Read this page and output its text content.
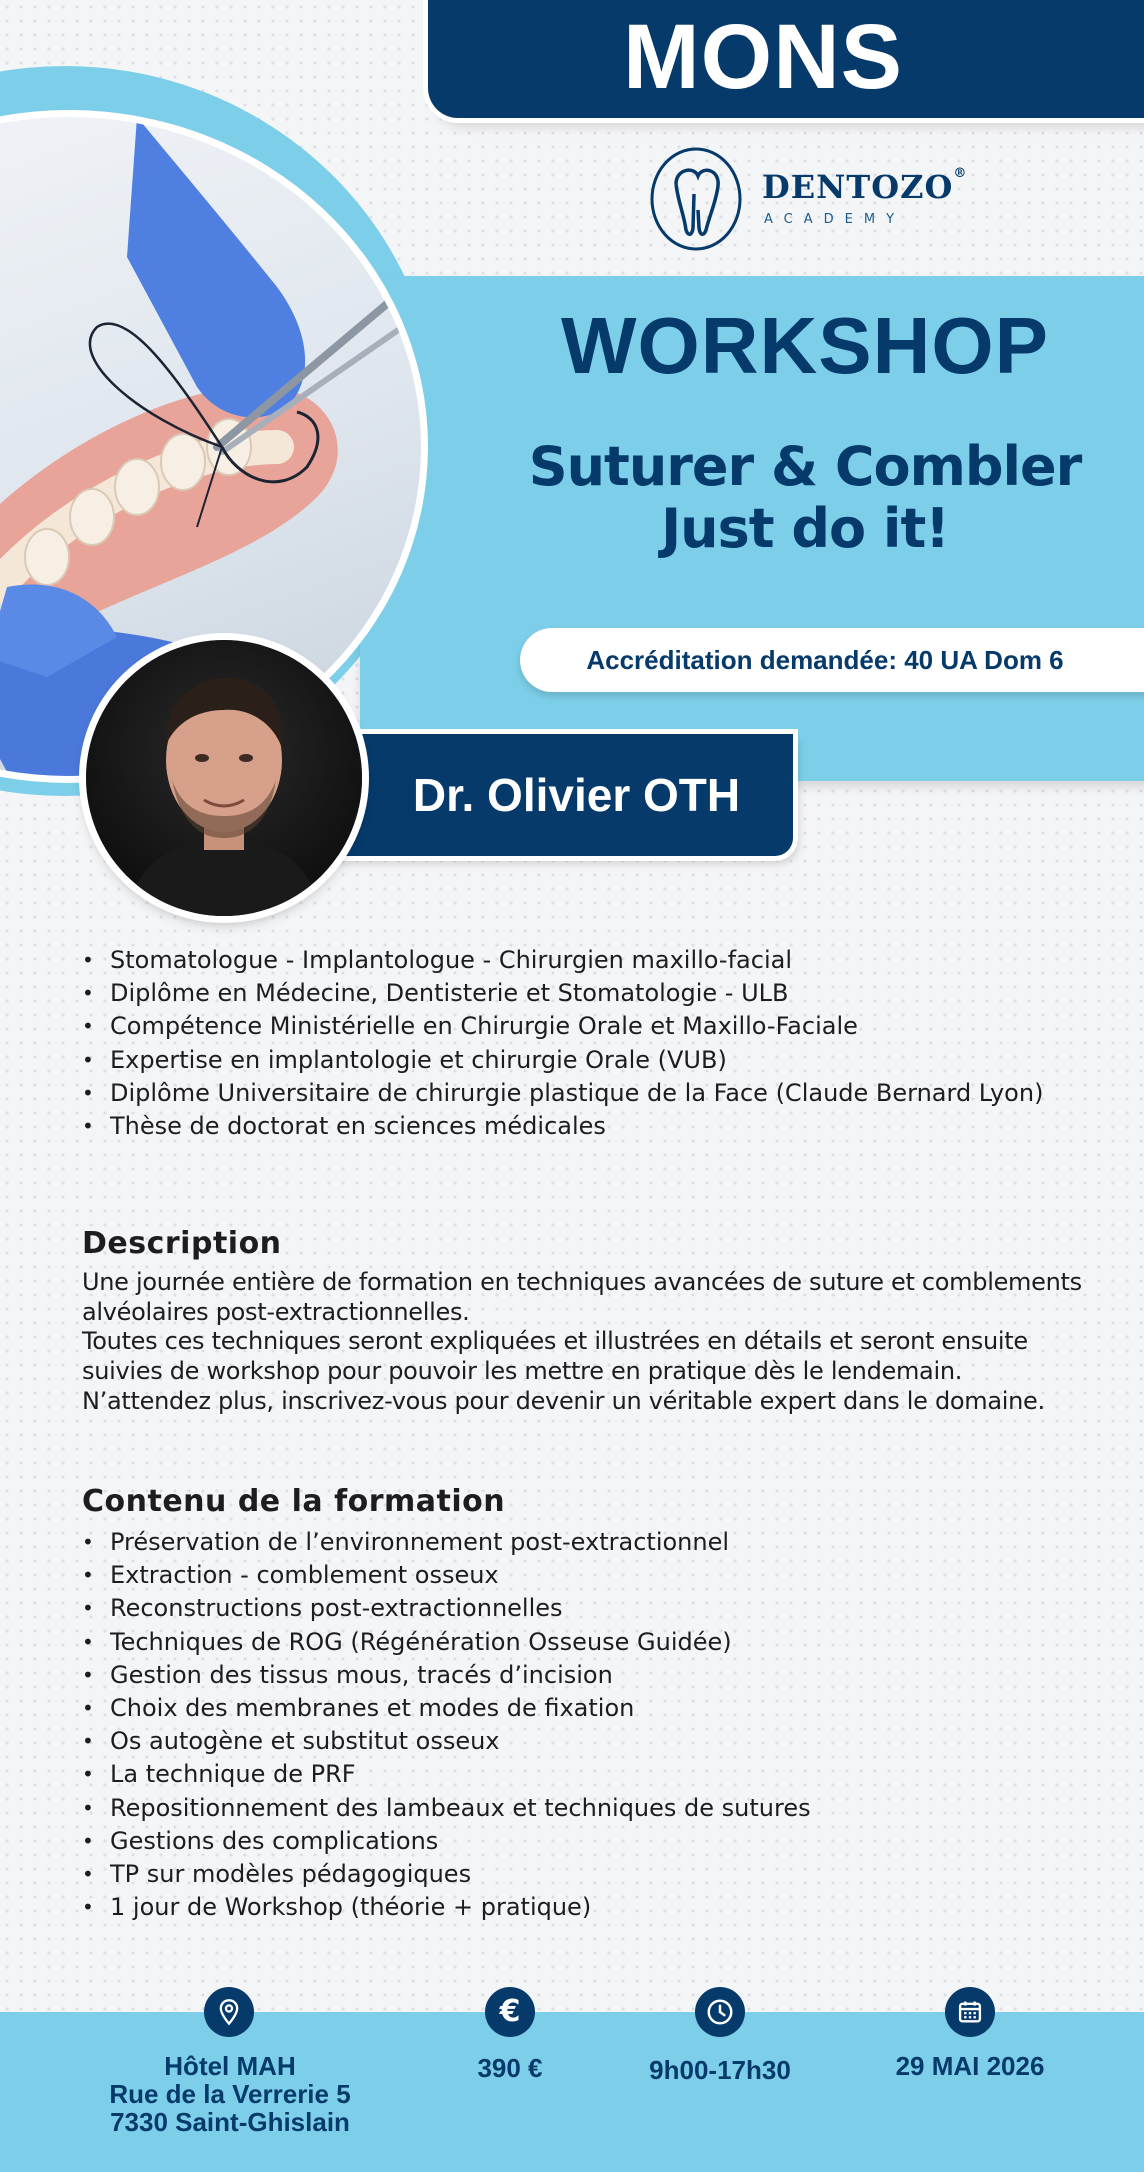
MONS
DENTOZO®
ACADEMY
WORKSHOP
Suturer & Combler
Just do it!
Accréditation demandée: 40 UA Dom 6
Dr. Olivier OTH
• Stomatologue - Implantologue - Chirurgien maxillo-facial
• Diplôme en Médecine, Dentisterie et Stomatologie - ULB
• Compétence Ministérielle en Chirurgie Orale et Maxillo-Faciale
• Expertise en implantologie et chirurgie Orale (VUB)
• Diplôme Universitaire de chirurgie plastique de la Face (Claude Bernard Lyon)
• Thèse de doctorat en sciences médicales
Description

Une journée entière de formation en techniques avancées de suture et comblements alvéolaires post-extractionnelles.

Toutes ces techniques seront expliquées et illustrées en détails et seront ensuite suivies de workshop pour pouvoir les mettre en pratique dès le lendemain.

N’attendez plus, inscrivez-vous pour devenir un véritable expert dans le domaine.

Contenu de la formation
• Préservation de l’environnement post-extractionnel
• Extraction - comblement osseux
• Reconstructions post-extractionnelles
• Techniques de ROG (Régénération Osseuse Guidée)
• Gestion des tissus mous, tracés d’incision
• Choix des membranes et modes de fixation
• Os autogène et substitut osseux
• La technique de PRF
• Repositionnement des lambeaux et techniques de sutures
• Gestions des complications
• TP sur modèles pédagogiques
• 1 jour de Workshop (théorie + pratique)
Hôtel MAH
Rue de la Verrerie 5
7330 Saint-Ghislain
€
390 €	9h00-17h30	29 MAI 2026
